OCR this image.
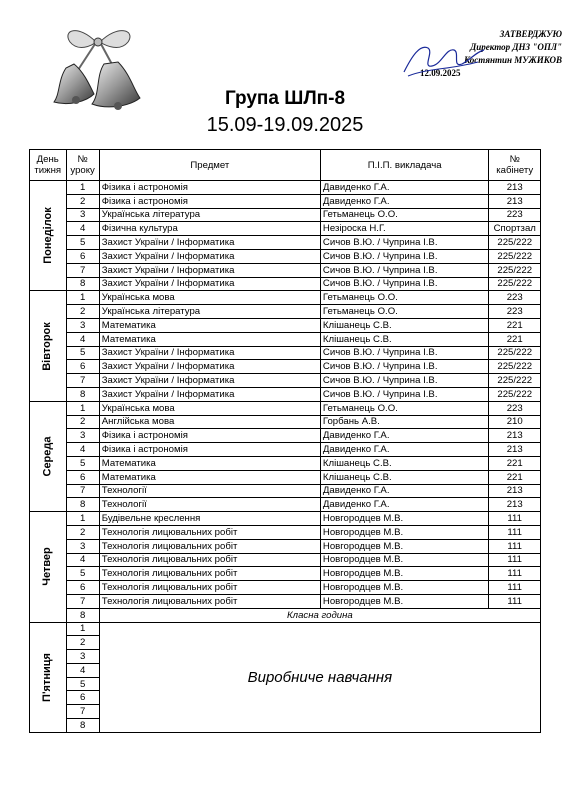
ЗАТВЕРДЖУЮ
Директор ДНЗ "ОПЛ"
Костянтин МУЖИКОВ
12.09.2025
Група ШЛп-8
15.09-19.09.2025
День тижня	№ уроку	Предмет	П.І.П. викладача	№ кабінету

Понеділок	1	Фізика і астрономія	Давиденко Г.А.	213
	2	Фізика і астрономія	Давиденко Г.А.	213
	3	Українська література	Гетьманець О.О.	223
	4	Фізична культура	Незіроска Н.Г.	Спортзал
	5	Захист України / Інформатика	Сичов В.Ю. / Чуприна І.В.	225/222
	6	Захист України / Інформатика	Сичов В.Ю. / Чуприна І.В.	225/222
	7	Захист України / Інформатика	Сичов В.Ю. / Чуприна І.В.	225/222
	8	Захист України / Інформатика	Сичов В.Ю. / Чуприна І.В.	225/222

Вівторок	1	Українська мова	Гетьманець О.О.	223
	2	Українська література	Гетьманець О.О.	223
	3	Математика	Клішанець С.В.	221
	4	Математика	Клішанець С.В.	221
	5	Захист України / Інформатика	Сичов В.Ю. / Чуприна І.В.	225/222
	6	Захист України / Інформатика	Сичов В.Ю. / Чуприна І.В.	225/222
	7	Захист України / Інформатика	Сичов В.Ю. / Чуприна І.В.	225/222
	8	Захист України / Інформатика	Сичов В.Ю. / Чуприна І.В.	225/222

Середа	1	Українська мова	Гетьманець О.О.	223
	2	Англійська мова	Горбань А.В.	210
	3	Фізика і астрономія	Давиденко Г.А.	213
	4	Фізика і астрономія	Давиденко Г.А.	213
	5	Математика	Клішанець С.В.	221
	6	Математика	Клішанець С.В.	221
	7	Технології	Давиденко Г.А.	213
	8	Технології	Давиденко Г.А.	213

Четвер	1	Будівельне креслення	Новгородцев М.В.	111
	2	Технологія лицювальних робіт	Новгородцев М.В.	111
	3	Технологія лицювальних робіт	Новгородцев М.В.	111
	4	Технологія лицювальних робіт	Новгородцев М.В.	111
	5	Технологія лицювальних робіт	Новгородцев М.В.	111
	6	Технологія лицювальних робіт	Новгородцев М.В.	111
	7	Технологія лицювальних робіт	Новгородцев М.В.	111
	8	Класна година		

П'ятниця	1	Виробниче навчання		
	2			
	3			
	4			
	5			
	6			
	7			
	8			
